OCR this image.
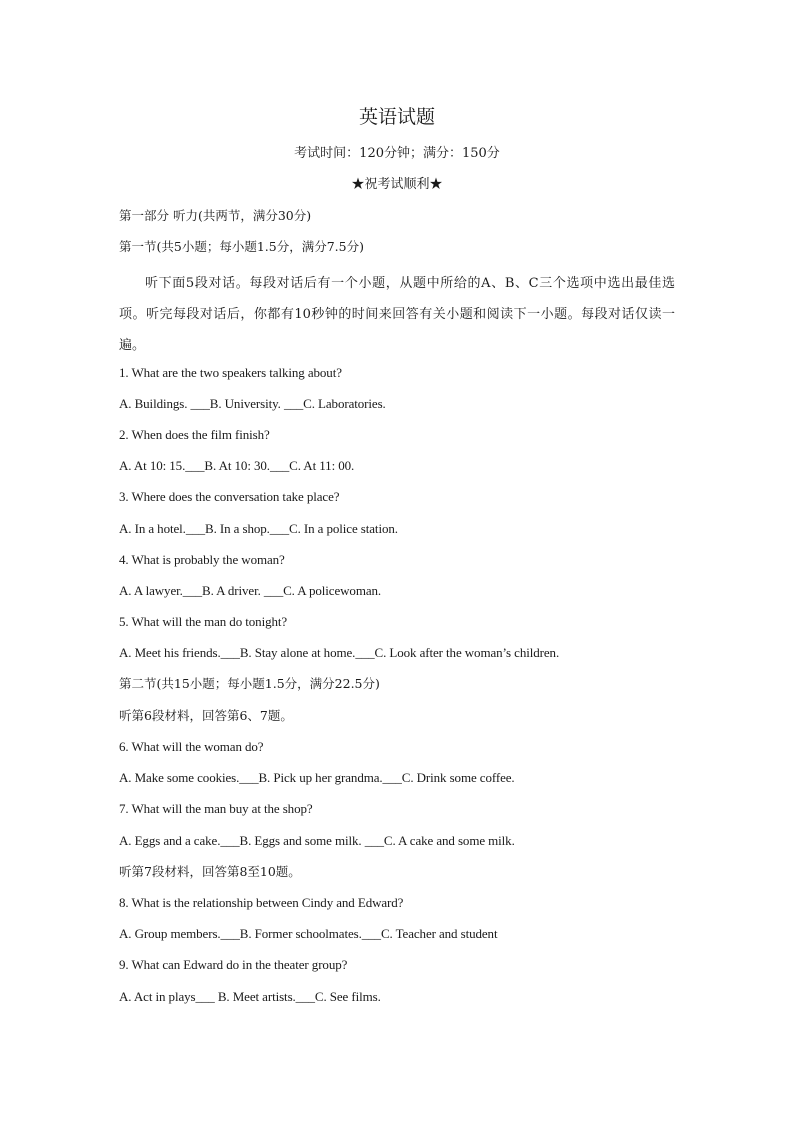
英语试题
考试时间：120分钟；满分：150分
★祝考试顺利★
第一部分 听力(共两节，满分30分)
第一节(共5小题；每小题1.5分，满分7.5分)
听下面5段对话。每段对话后有一个小题，从题中所给的A、B、C三个选项中选出最佳选项。听完每段对话后，你都有10秒钟的时间来回答有关小题和阅读下一小题。每段对话仅读一遍。
1. What are the two speakers talking about?
A. Buildings. ___B. University. ___C. Laboratories.
2. When does the film finish?
A. At 10: 15.___B. At 10: 30.___C. At 11: 00.
3. Where does the conversation take place?
A. In a hotel.___B. In a shop.___C. In a police station.
4. What is probably the woman?
A. A lawyer.___B. A driver. ___C. A policewoman.
5. What will the man do tonight?
A. Meet his friends.___B. Stay alone at home.___C. Look after the woman’s children.
第二节(共15小题；每小题1.5分，满分22.5分)
听第6段材料，回答第6、7题。
6. What will the woman do?
A. Make some cookies.___B. Pick up her grandma.___C. Drink some coffee.
7. What will the man buy at the shop?
A. Eggs and a cake.___B. Eggs and some milk. ___C. A cake and some milk.
听第7段材料，回答第8至10题。
8. What is the relationship between Cindy and Edward?
A. Group members.___B. Former schoolmates.___C. Teacher and student
9. What can Edward do in the theater group?
A. Act in plays___ B. Meet artists.___C. See films.
